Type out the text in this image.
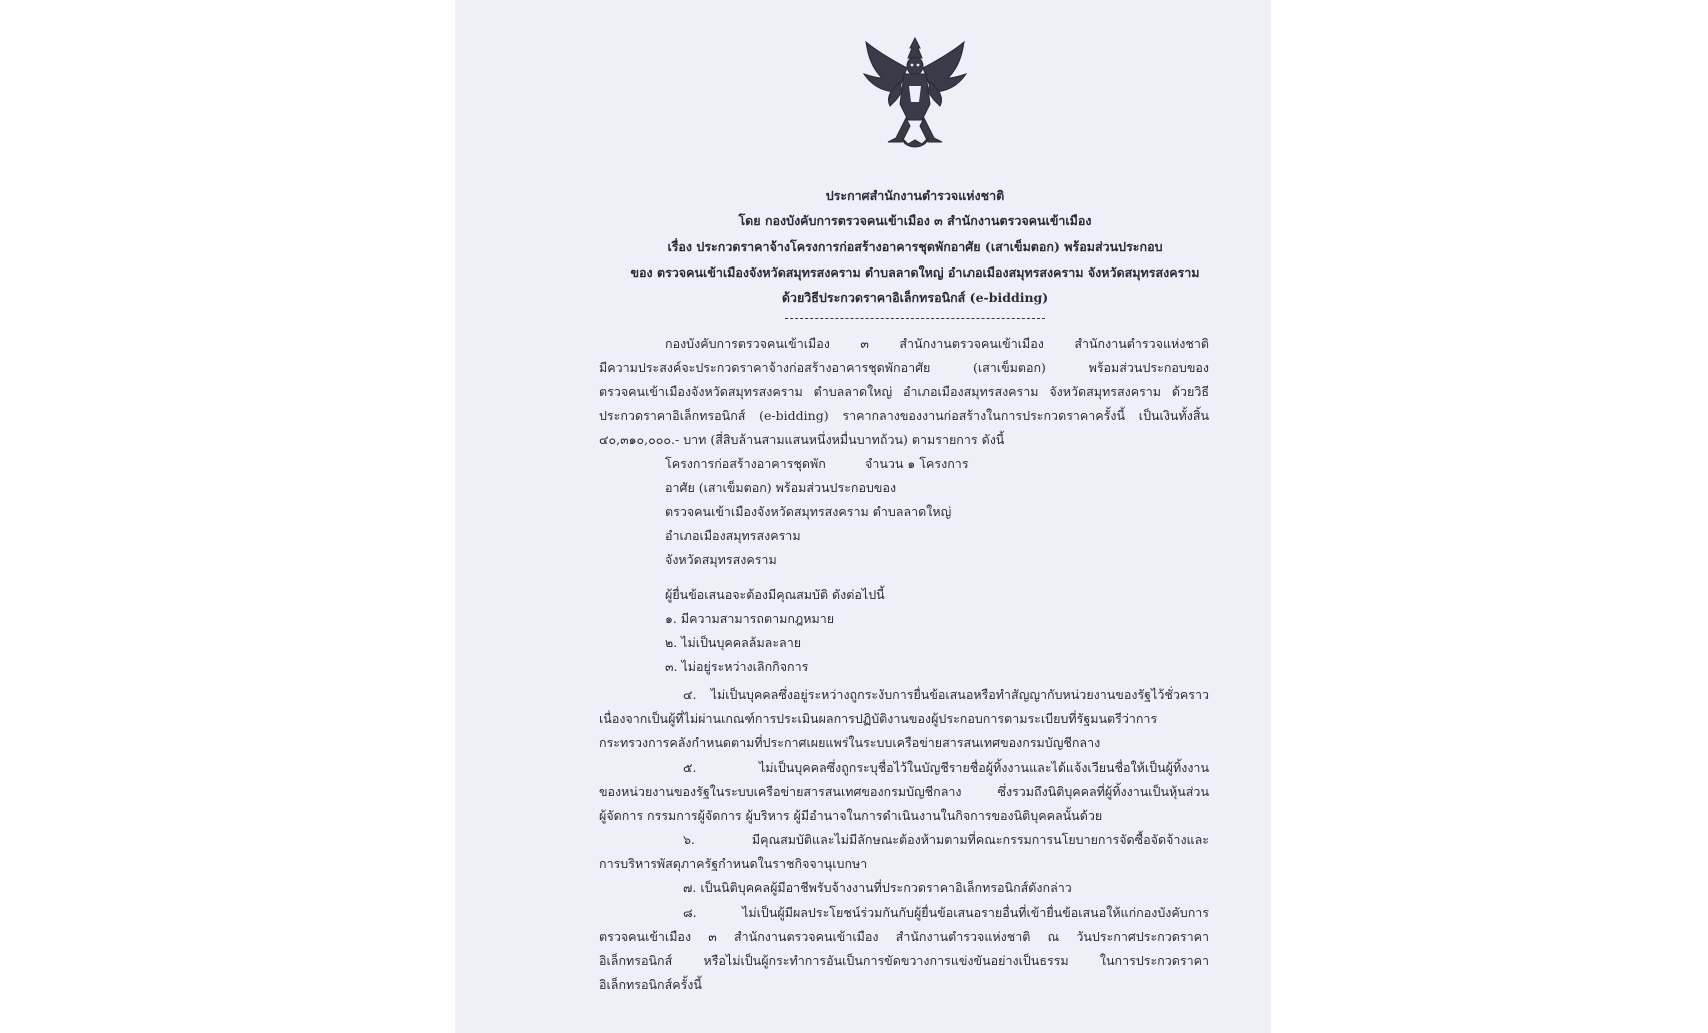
ประกาศสำนักงานตำรวจแห่งชาติ
โดย กองบังคับการตรวจคนเข้าเมือง ๓ สำนักงานตรวจคนเข้าเมือง
เรื่อง ประกวดราคาจ้างโครงการก่อสร้างอาคารชุดพักอาศัย (เสาเข็มตอก) พร้อมส่วนประกอบ
ของ ตรวจคนเข้าเมืองจังหวัดสมุทรสงคราม ตำบลลาดใหญ่ อำเภอเมืองสมุทรสงคราม จังหวัดสมุทรสงคราม
ด้วยวิธีประกวดราคาอิเล็กทรอนิกส์ (e-bidding)
กองบังคับการตรวจคนเข้าเมือง ๓ สำนักงานตรวจคนเข้าเมือง สำนักงานตำรวจแห่งชาติ
มีความประสงค์จะประกวดราคาจ้างก่อสร้างอาคารชุดพักอาศัย (เสาเข็มตอก) พร้อมส่วนประกอบของ
ตรวจคนเข้าเมืองจังหวัดสมุทรสงคราม ตำบลลาดใหญ่ อำเภอเมืองสมุทรสงคราม จังหวัดสมุทรสงคราม ด้วยวิธี
ประกวดราคาอิเล็กทรอนิกส์ (e-bidding) ราคากลางของงานก่อสร้างในการประกวดราคาครั้งนี้ เป็นเงินทั้งสิ้น
๔๐,๓๑๐,๐๐๐.- บาท (สี่สิบล้านสามแสนหนึ่งหมื่นบาทถ้วน) ตามรายการ ดังนี้
โครงการก่อสร้างอาคารชุดพัก	จำนวน ๑ โครงการ
อาศัย (เสาเข็มตอก) พร้อมส่วนประกอบของ
ตรวจคนเข้าเมืองจังหวัดสมุทรสงคราม ตำบลลาดใหญ่
อำเภอเมืองสมุทรสงคราม
จังหวัดสมุทรสงคราม
ผู้ยื่นข้อเสนอจะต้องมีคุณสมบัติ ดังต่อไปนี้
๑. มีความสามารถตามกฎหมาย
๒. ไม่เป็นบุคคลล้มละลาย
๓. ไม่อยู่ระหว่างเลิกกิจการ
๔. ไม่เป็นบุคคลซึ่งอยู่ระหว่างถูกระงับการยื่นข้อเสนอหรือทำสัญญากับหน่วยงานของรัฐไว้ชั่วคราว
เนื่องจากเป็นผู้ที่ไม่ผ่านเกณฑ์การประเมินผลการปฏิบัติงานของผู้ประกอบการตามระเบียบที่รัฐมนตรีว่าการ
กระทรวงการคลังกำหนดตามที่ประกาศเผยแพร่ในระบบเครือข่ายสารสนเทศของกรมบัญชีกลาง
๕. ไม่เป็นบุคคลซึ่งถูกระบุชื่อไว้ในบัญชีรายชื่อผู้ทิ้งงานและได้แจ้งเวียนชื่อให้เป็นผู้ทิ้งงาน
ของหน่วยงานของรัฐในระบบเครือข่ายสารสนเทศของกรมบัญชีกลาง ซึ่งรวมถึงนิติบุคคลที่ผู้ทิ้งงานเป็นหุ้นส่วน
ผู้จัดการ กรรมการผู้จัดการ ผู้บริหาร ผู้มีอำนาจในการดำเนินงานในกิจการของนิติบุคคลนั้นด้วย
๖. มีคุณสมบัติและไม่มีลักษณะต้องห้ามตามที่คณะกรรมการนโยบายการจัดซื้อจัดจ้างและ
การบริหารพัสดุภาครัฐกำหนดในราชกิจจานุเบกษา
๗. เป็นนิติบุคคลผู้มีอาชีพรับจ้างงานที่ประกวดราคาอิเล็กทรอนิกส์ดังกล่าว
๘. ไม่เป็นผู้มีผลประโยชน์ร่วมกันกับผู้ยื่นข้อเสนอรายอื่นที่เข้ายื่นข้อเสนอให้แก่กองบังคับการ
ตรวจคนเข้าเมือง ๓ สำนักงานตรวจคนเข้าเมือง สำนักงานตำรวจแห่งชาติ ณ วันประกาศประกวดราคา
อิเล็กทรอนิกส์ หรือไม่เป็นผู้กระทำการอันเป็นการขัดขวางการแข่งขันอย่างเป็นธรรม ในการประกวดราคา
อิเล็กทรอนิกส์ครั้งนี้
